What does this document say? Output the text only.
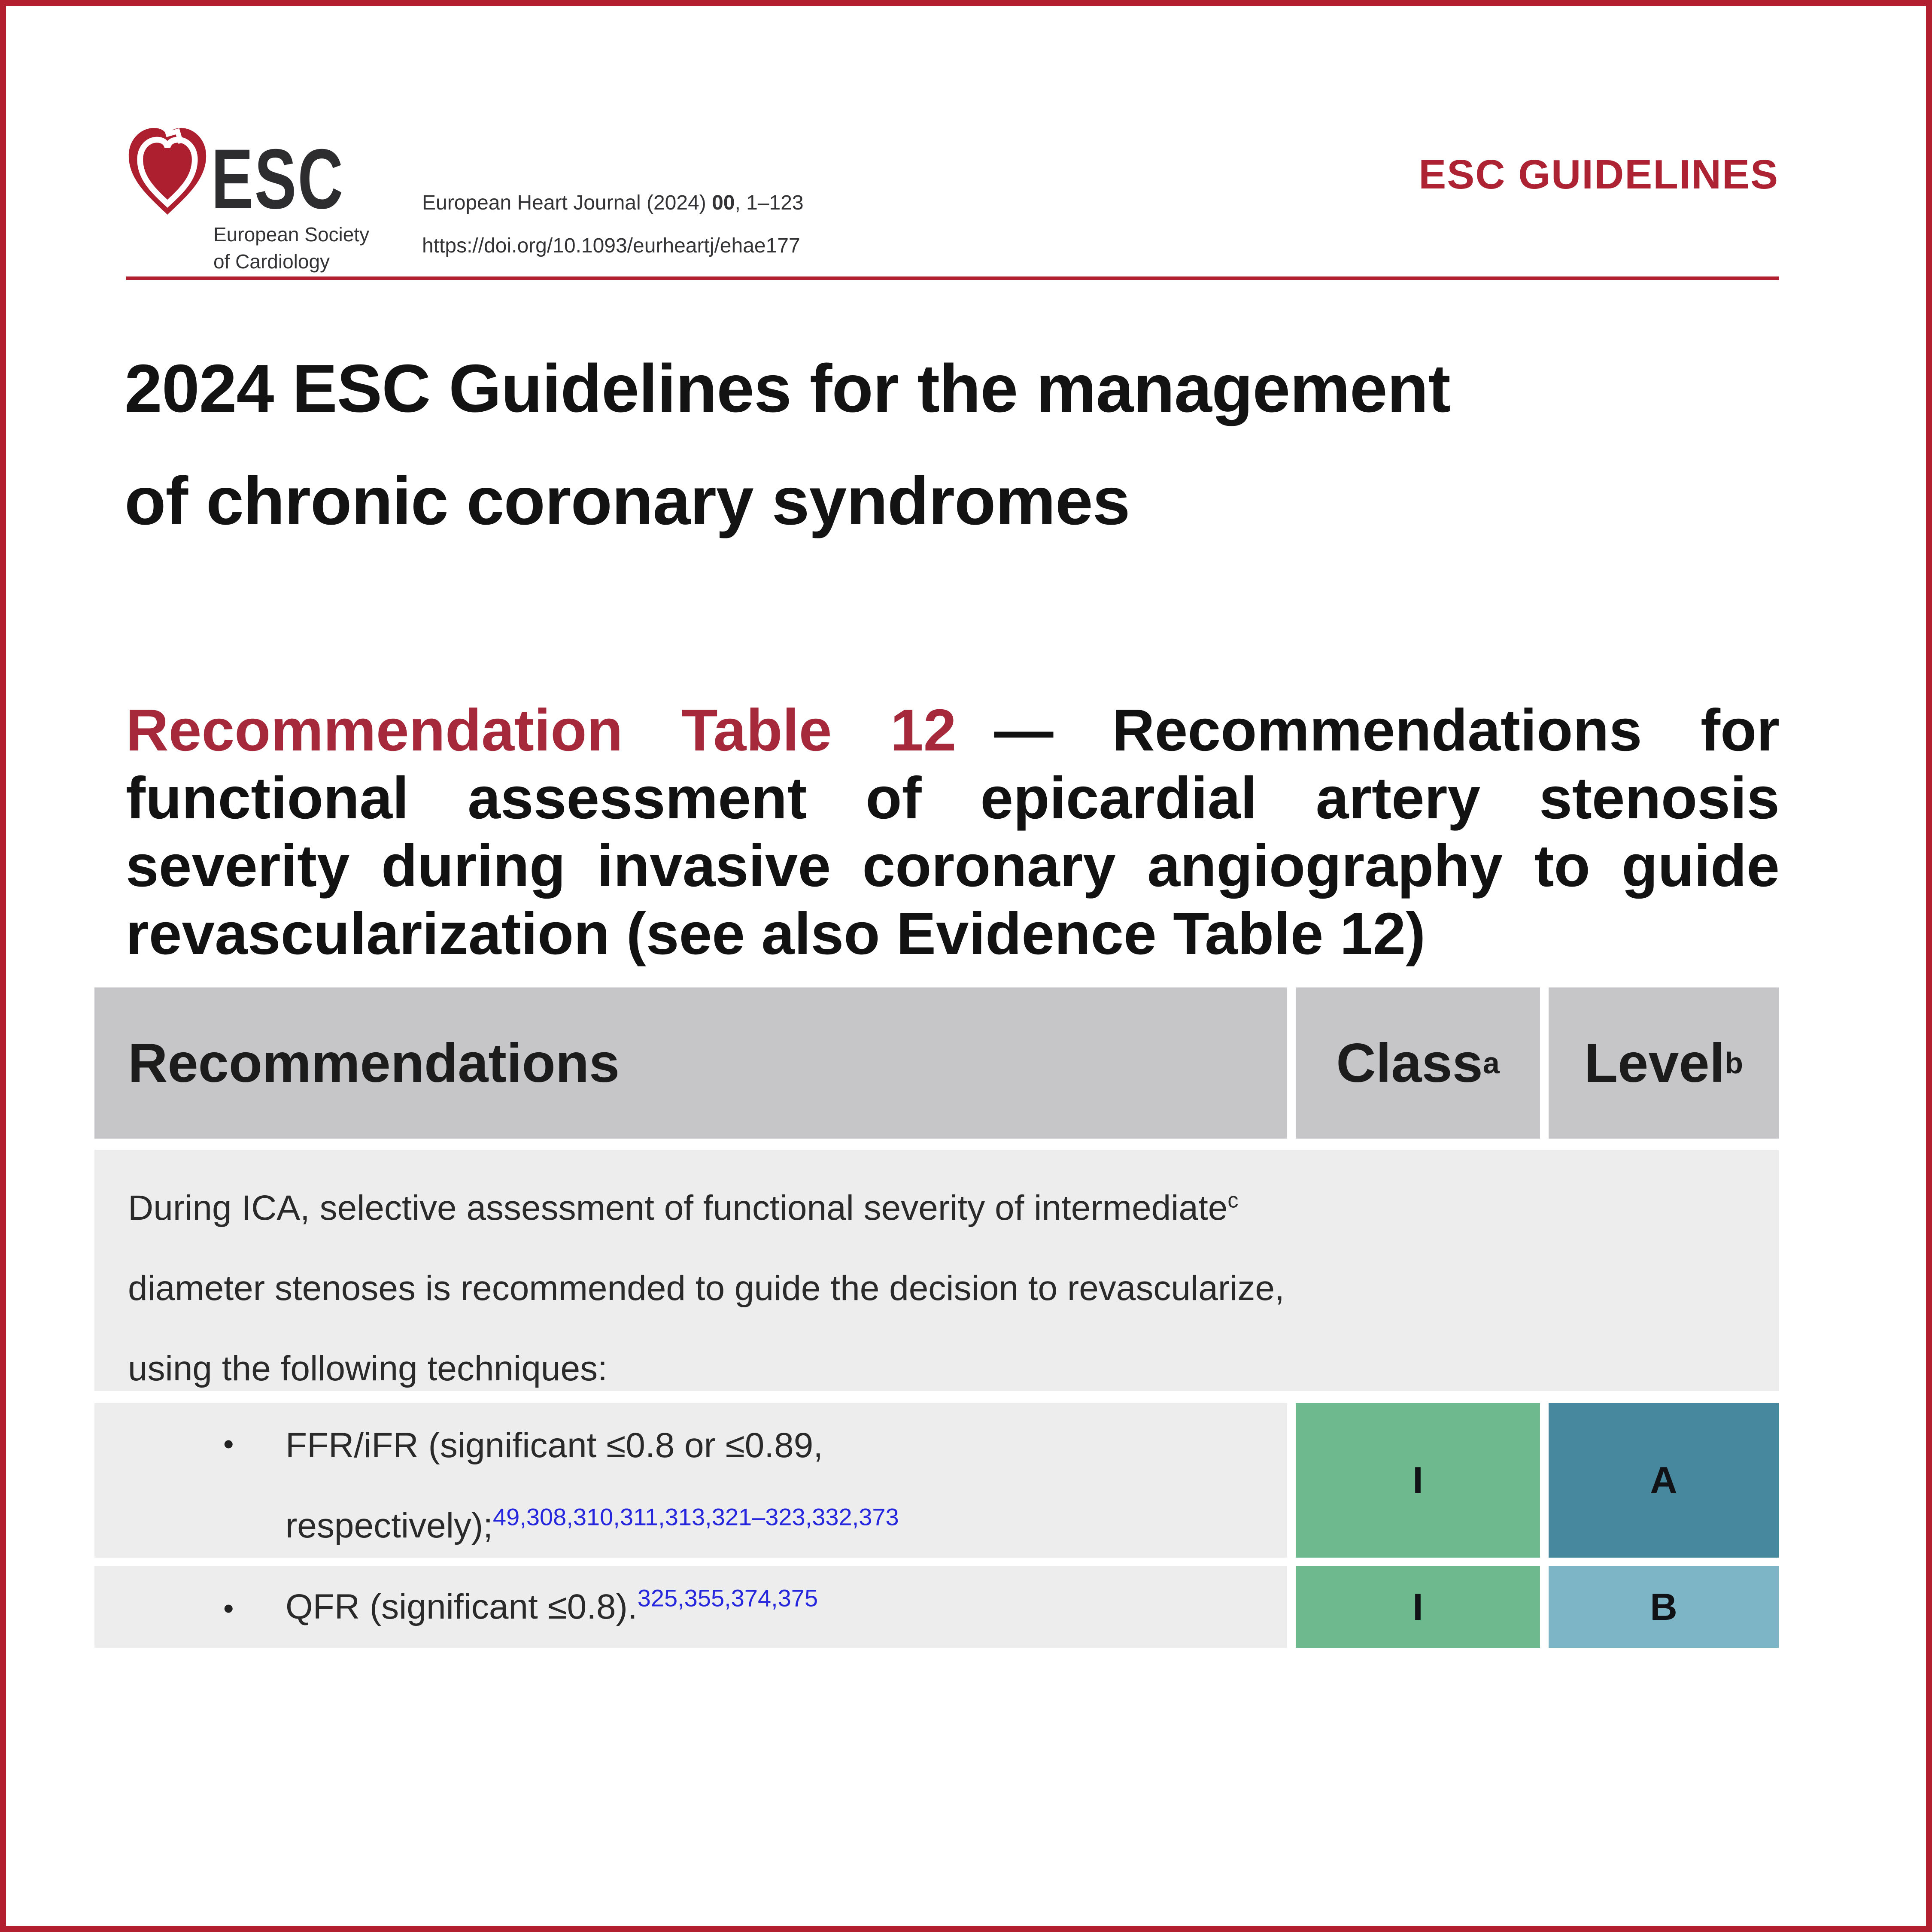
ESC
European Society
of Cardiology
European Heart Journal (2024) 00, 1–123
https://doi.org/10.1093/eurheartj/ehae177
ESC GUIDELINES
2024 ESC Guidelines for the management
of chronic coronary syndromes
Recommendation Table 12 — Recommendations for
functional assessment of epicardial artery stenosis
severity during invasive coronary angiography to guide
revascularization (see also Evidence Table 12)
Recommendations	Class a Level b
During ICA, selective assessment of functional severity of intermediate$^c$
diameter stenoses is recommended to guide the decision to revascularize,
using the following techniques:
• FFR/iFR (significant ≤0.8 or ≤0.89,
respectively);$^{49,308,310,311,313,321-323,332,373}$
I	A
• QFR (significant ≤0.8).$^{325,355,374,375}$	I	B
